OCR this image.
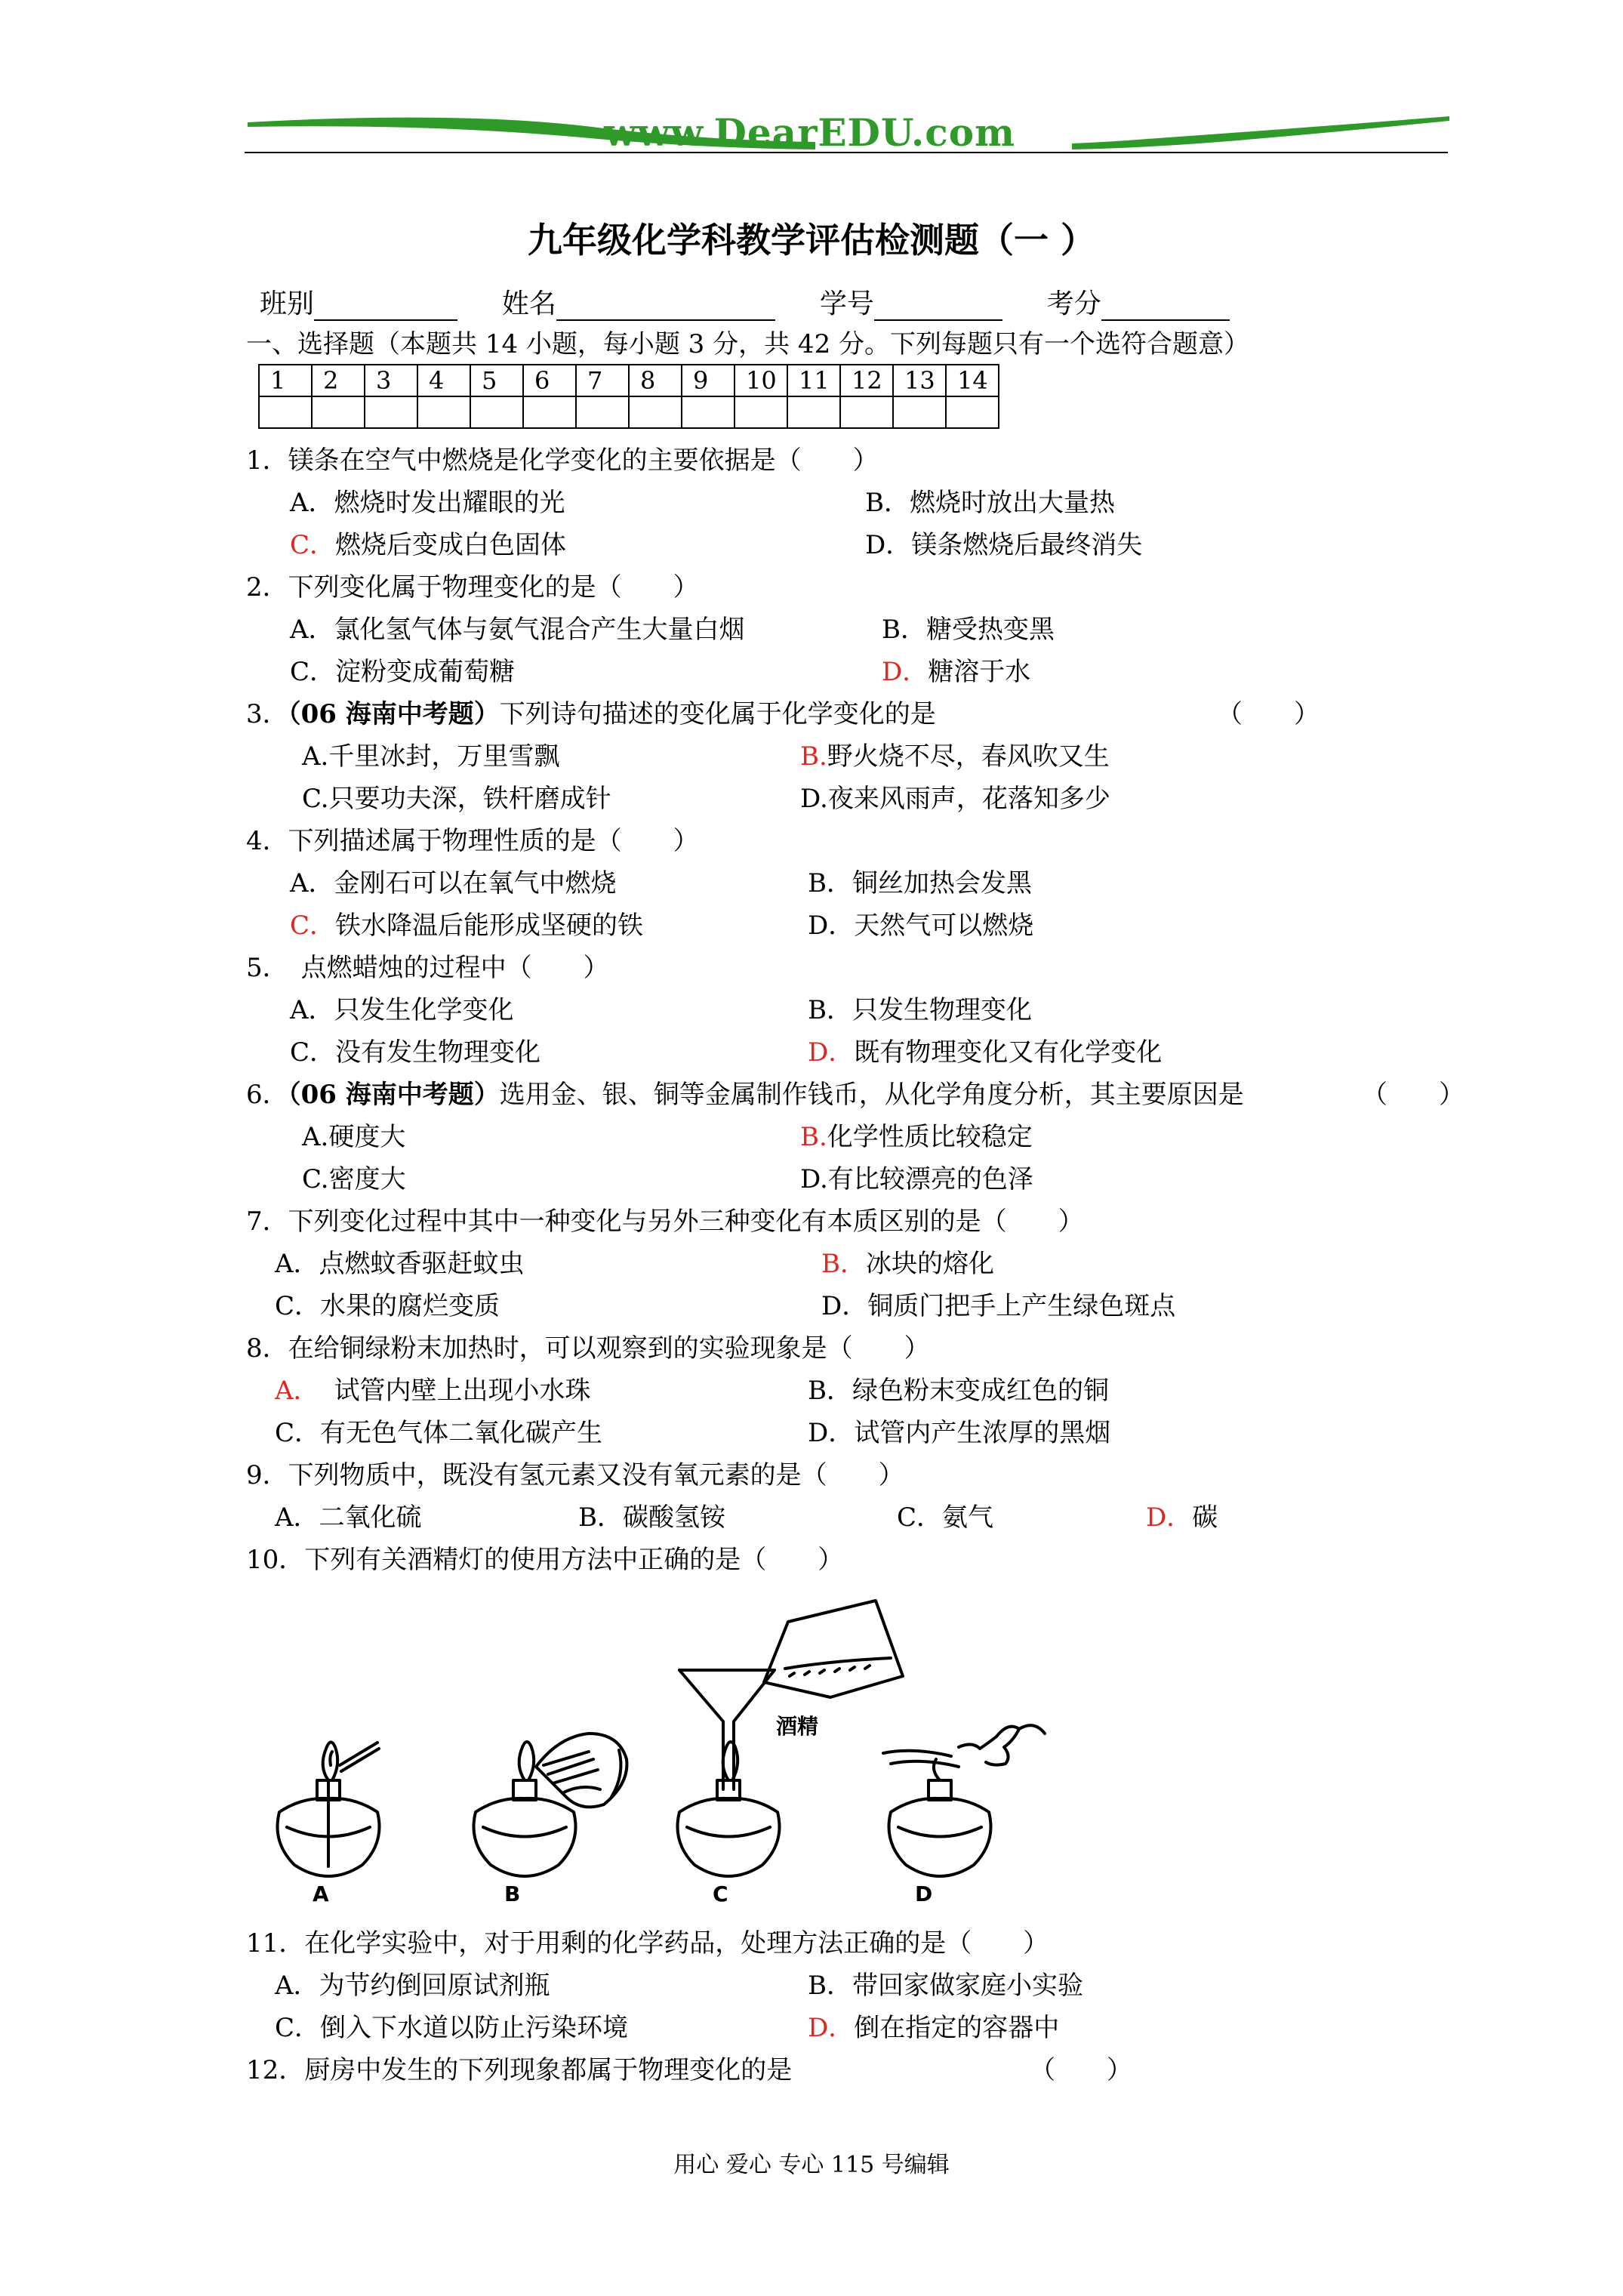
www.DearEDU.com
九年级化学科教学评估检测题（一 ）
班别	姓名	学号	考分
一、选择题（本题共 14 小题，每小题 3 分，共 42 分。下列每题只有一个选符合题意）
1	2	3	4	5	6	7	8	9	10	11	12	13	14

1．镁条在空气中燃烧是化学变化的主要依据是（　　）
A．燃烧时发出耀眼的光	B．燃烧时放出大量热
C．燃烧后变成白色固体	D．镁条燃烧后最终消失
2．下列变化属于物理变化的是（　　）
A．氯化氢气体与氨气混合产生大量白烟	B．糖受热变黑
C．淀粉变成葡萄糖	D．糖溶于水
3．（06 海南中考题）下列诗句描述的变化属于化学变化的是	（　　）
A.千里冰封，万里雪飘	B.野火烧不尽，春风吹又生
C.只要功夫深，铁杆磨成针	D.夜来风雨声，花落知多少
4．下列描述属于物理性质的是（　　）
A．金刚石可以在氧气中燃烧	B．铜丝加热会发黑
C．铁水降温后能形成坚硬的铁	D．天然气可以燃烧
5．　点燃蜡烛的过程中（　　）
A．只发生化学变化	B．只发生物理变化
C．没有发生物理变化	D．既有物理变化又有化学变化
6．（06 海南中考题）选用金、银、铜等金属制作钱币，从化学角度分析，其主要原因是	（　　）
A.硬度大	B.化学性质比较稳定
C.密度大	D.有比较漂亮的色泽
7．下列变化过程中其中一种变化与另外三种变化有本质区别的是（　　）
A．点燃蚊香驱赶蚊虫	B．冰块的熔化
C．水果的腐烂变质	D．铜质门把手上产生绿色斑点
8．在给铜绿粉末加热时，可以观察到的实验现象是（　　）
A． 试管内壁上出现小水珠	B．绿色粉末变成红色的铜
C．有无色气体二氧化碳产生	D．试管内产生浓厚的黑烟
9．下列物质中，既没有氢元素又没有氧元素的是（　　）
A．二氧化硫	B．碳酸氢铵	C．氨气	D．碳
10．下列有关酒精灯的使用方法中正确的是（　　）
酒精
A	B	C	D
11．在化学实验中，对于用剩的化学药品，处理方法正确的是（　　）
A．为节约倒回原试剂瓶	B．带回家做家庭小实验
C．倒入下水道以防止污染环境	D．倒在指定的容器中
12．厨房中发生的下列现象都属于物理变化的是	（　　）
用心 爱心 专心 115 号编辑
